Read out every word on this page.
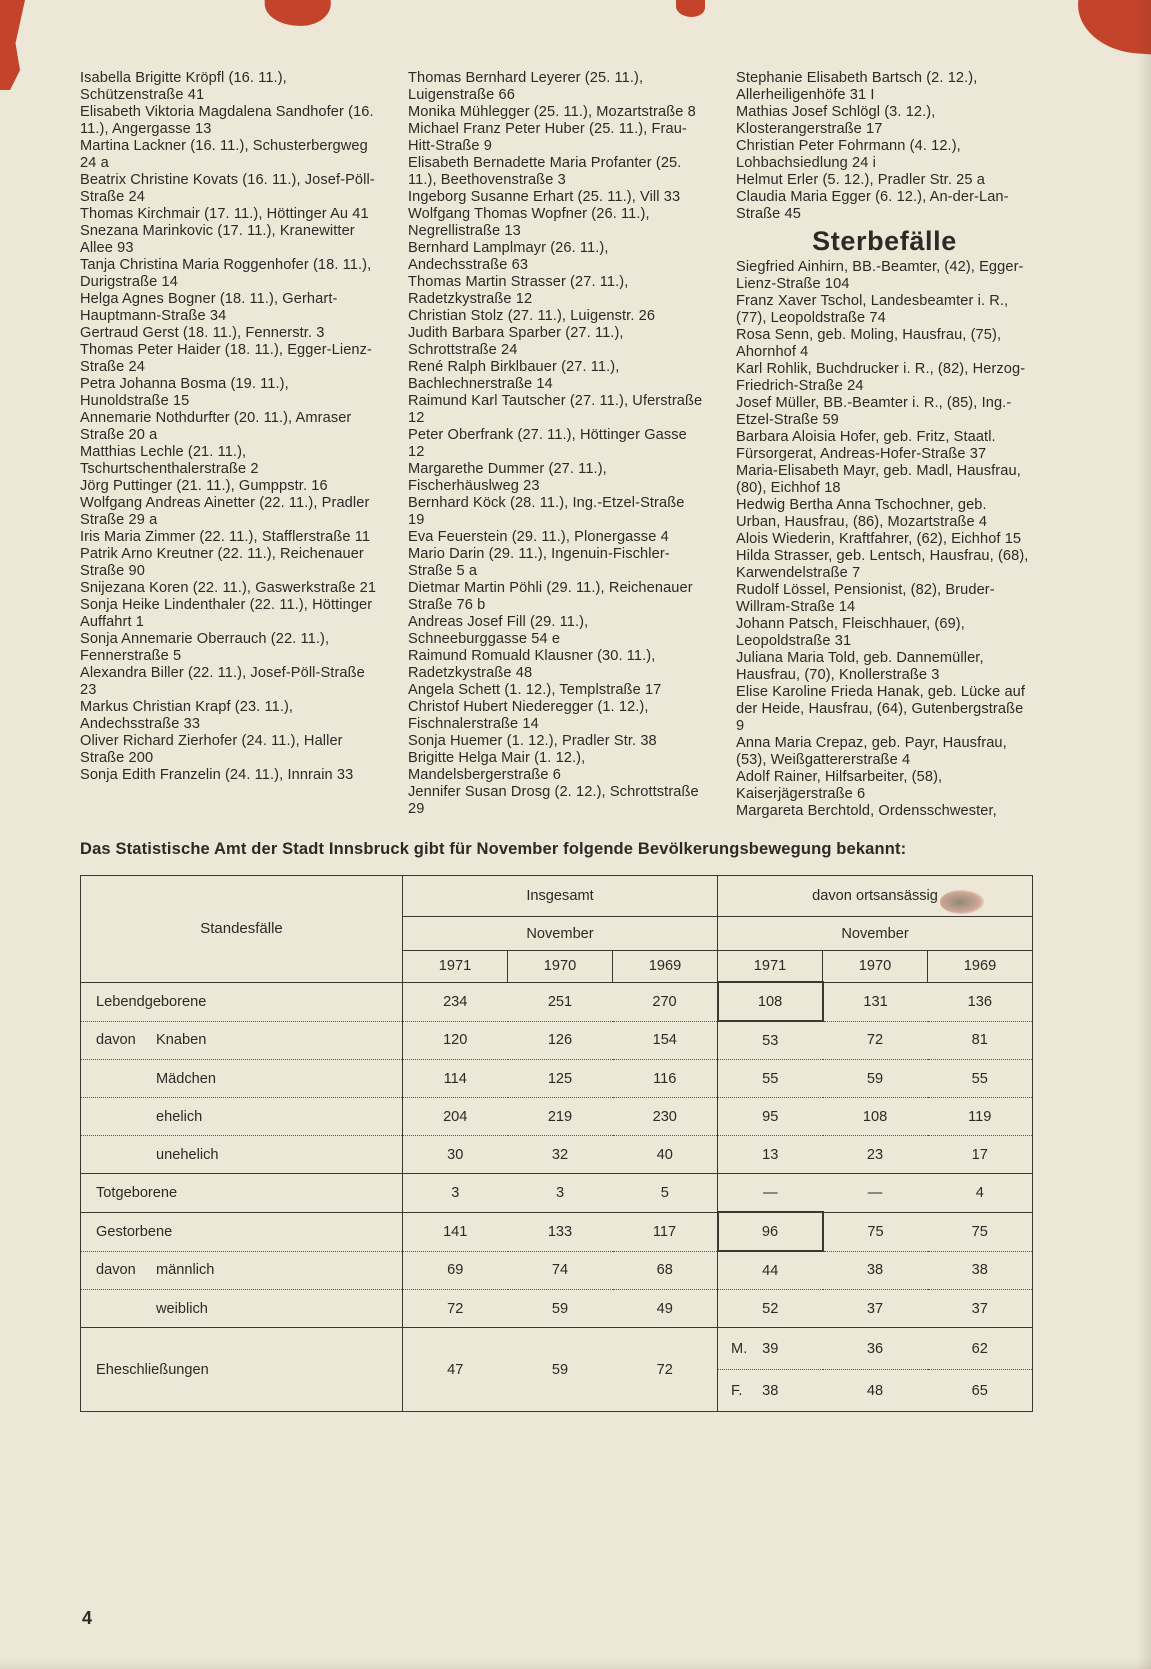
Isabella Brigitte Kröpfl (16. 11.), Schützenstraße 41

Elisabeth Viktoria Magdalena Sandhofer (16. 11.), Angergasse 13

Martina Lackner (16. 11.), Schusterbergweg 24 a

Beatrix Christine Kovats (16. 11.), Josef-Pöll-Straße 24

Thomas Kirchmair (17. 11.), Höttinger Au 41

Snezana Marinkovic (17. 11.), Kranewitter Allee 93

Tanja Christina Maria Roggenhofer (18. 11.), Durigstraße 14

Helga Agnes Bogner (18. 11.), Gerhart-Hauptmann-Straße 34

Gertraud Gerst (18. 11.), Fennerstr. 3

Thomas Peter Haider (18. 11.), Egger-Lienz-Straße 24

Petra Johanna Bosma (19. 11.), Hunoldstraße 15

Annemarie Nothdurfter (20. 11.), Amraser Straße 20 a

Matthias Lechle (21. 11.), Tschurtschenthalerstraße 2

Jörg Puttinger (21. 11.), Gumppstr. 16

Wolfgang Andreas Ainetter (22. 11.), Pradler Straße 29 a

Iris Maria Zimmer (22. 11.), Stafflerstraße 11

Patrik Arno Kreutner (22. 11.), Reichenauer Straße 90

Snijezana Koren (22. 11.), Gaswerkstraße 21

Sonja Heike Lindenthaler (22. 11.), Höttinger Auffahrt 1

Sonja Annemarie Oberrauch (22. 11.), Fennerstraße 5

Alexandra Biller (22. 11.), Josef-Pöll-Straße 23

Markus Christian Krapf (23. 11.), Andechsstraße 33

Oliver Richard Zierhofer (24. 11.), Haller Straße 200

Sonja Edith Franzelin (24. 11.), Innrain 33

Thomas Bernhard Leyerer (25. 11.), Luigenstraße 66

Monika Mühlegger (25. 11.), Mozartstraße 8

Michael Franz Peter Huber (25. 11.), Frau-Hitt-Straße 9

Elisabeth Bernadette Maria Profanter (25. 11.), Beethovenstraße 3

Ingeborg Susanne Erhart (25. 11.), Vill 33

Wolfgang Thomas Wopfner (26. 11.), Negrellistraße 13

Bernhard Lamplmayr (26. 11.), Andechsstraße 63

Thomas Martin Strasser (27. 11.), Radetzkystraße 12

Christian Stolz (27. 11.), Luigenstr. 26

Judith Barbara Sparber (27. 11.), Schrottstraße 24

René Ralph Birklbauer (27. 11.), Bachlechnerstraße 14

Raimund Karl Tautscher (27. 11.), Uferstraße 12

Peter Oberfrank (27. 11.), Höttinger Gasse 12

Margarethe Dummer (27. 11.), Fischerhäuslweg 23

Bernhard Köck (28. 11.), Ing.-Etzel-Straße 19

Eva Feuerstein (29. 11.), Plonergasse 4

Mario Darin (29. 11.), Ingenuin-Fischler-Straße 5 a

Dietmar Martin Pöhli (29. 11.), Reichenauer Straße 76 b

Andreas Josef Fill (29. 11.), Schneeburggasse 54 e

Raimund Romuald Klausner (30. 11.), Radetzkystraße 48

Angela Schett (1. 12.), Templstraße 17

Christof Hubert Niederegger (1. 12.), Fischnalerstraße 14

Sonja Huemer (1. 12.), Pradler Str. 38

Brigitte Helga Mair (1. 12.), Mandelsbergerstraße 6

Jennifer Susan Drosg (2. 12.), Schrottstraße 29

Stephanie Elisabeth Bartsch (2. 12.), Allerheiligenhöfe 31 I

Mathias Josef Schlögl (3. 12.), Klosterangerstraße 17

Christian Peter Fohrmann (4. 12.), Lohbachsiedlung 24 i

Helmut Erler (5. 12.), Pradler Str. 25 a

Claudia Maria Egger (6. 12.), An-der-Lan-Straße 45

Sterbefälle

Siegfried Ainhirn, BB.-Beamter, (42), Egger-Lienz-Straße 104

Franz Xaver Tschol, Landesbeamter i. R., (77), Leopoldstraße 74

Rosa Senn, geb. Moling, Hausfrau, (75), Ahornhof 4

Karl Rohlik, Buchdrucker i. R., (82), Herzog-Friedrich-Straße 24

Josef Müller, BB.-Beamter i. R., (85), Ing.-Etzel-Straße 59

Barbara Aloisia Hofer, geb. Fritz, Staatl. Fürsorgerat, Andreas-Hofer-Straße 37

Maria-Elisabeth Mayr, geb. Madl, Hausfrau, (80), Eichhof 18

Hedwig Bertha Anna Tschochner, geb. Urban, Hausfrau, (86), Mozartstraße 4

Alois Wiederin, Kraftfahrer, (62), Eichhof 15

Hilda Strasser, geb. Lentsch, Hausfrau, (68), Karwendelstraße 7

Rudolf Lössel, Pensionist, (82), Bruder-Willram-Straße 14

Johann Patsch, Fleischhauer, (69), Leopoldstraße 31

Juliana Maria Told, geb. Dannemüller, Hausfrau, (70), Knollerstraße 3

Elise Karoline Frieda Hanak, geb. Lücke auf der Heide, Hausfrau, (64), Gutenbergstraße 9

Anna Maria Crepaz, geb. Payr, Hausfrau, (53), Weißgattererstraße 4

Adolf Rainer, Hilfsarbeiter, (58), Kaiserjägerstraße 6

Margareta Berchtold, Ordensschwester,

Das Statistische Amt der Stadt Innsbruck gibt für November folgende Bevölkerungsbewegung bekannt:
Standesfälle	Insgesamt			davon ortsansässig		
	November			November		
	1971	1970	1969	1971	1970	1969
Lebendgeborene	234	251	270	108	131	136

davon Knaben	120	126	154	53	72	81
Mädchen	114	125	116	55	59	55
ehelich	204	219	230	95	108	119
unehelich	30	32	40	13	23	17
Totgeborene	3	3	5	—	—	4
Gestorbene	141	133	117	96	75	75

davon männlich	69	74	68	44	38	38
weiblich	72	59	49	52	37	37
Eheschließungen	47	59	72	M. 39	36	62

				F. 38	48	65
4
